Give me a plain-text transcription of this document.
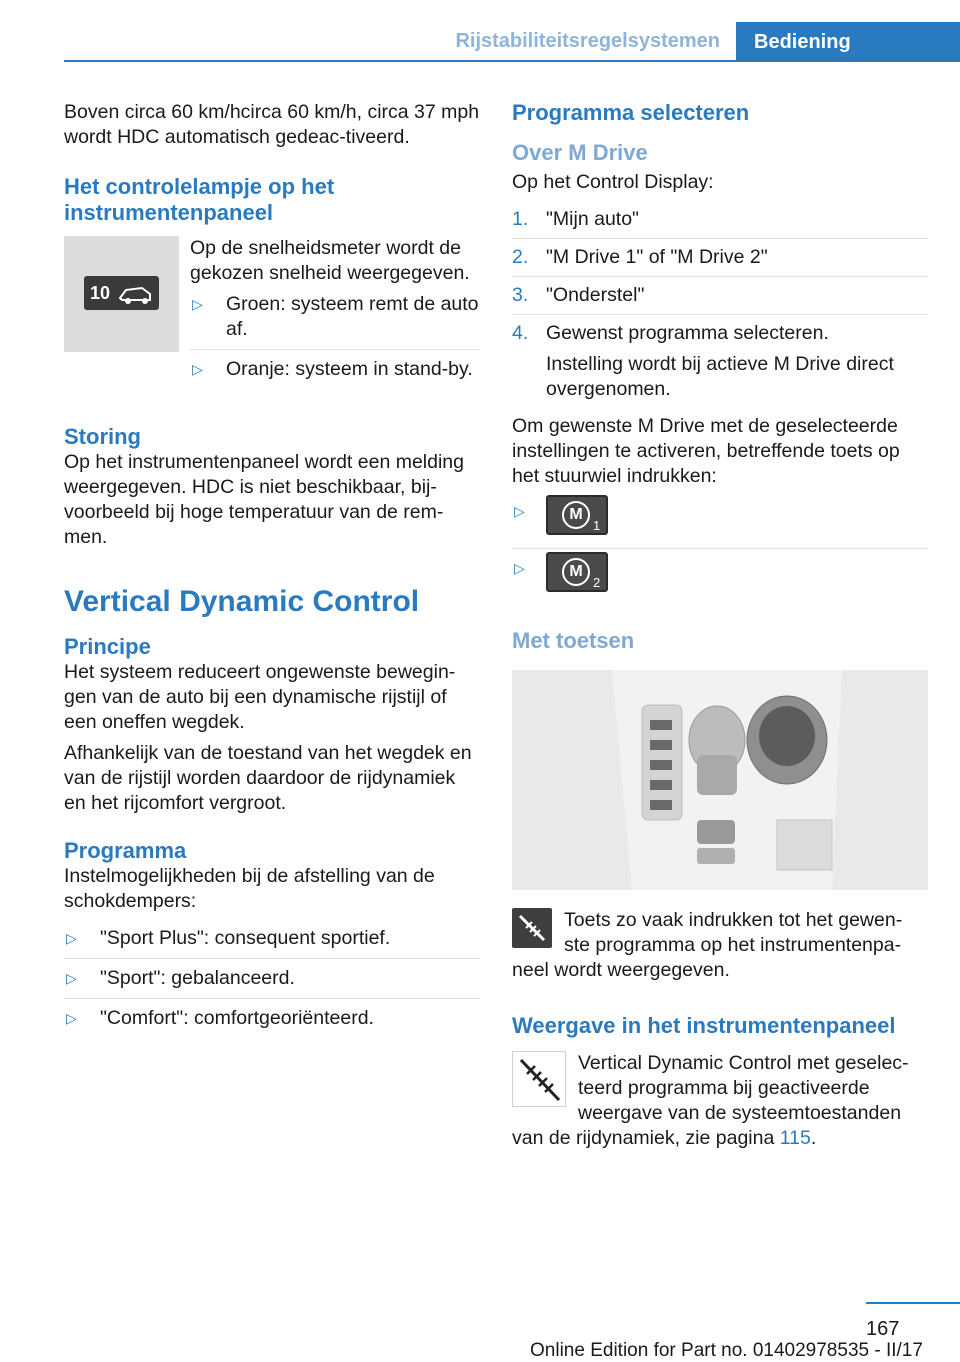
Rijstabiliteitsregelsystemen	Bediening

Boven circa 60 km/hcirca 60 km/h, circa 37 mph wordt HDC automatisch gedeac-tiveerd.

Het controlelampje op het instrumentenpaneel
10

Op de snelheidsmeter wordt de gekozen snelheid weergegeven.

▷ Groen: systeem remt de auto af.
▷ Oranje: systeem in stand-by.
Storing

Op het instrumentenpaneel wordt een melding weergegeven. HDC is niet beschikbaar, bij-voorbeeld bij hoge temperatuur van de rem-men.

Vertical Dynamic Control
Principe

Het systeem reduceert ongewenste bewegin-gen van de auto bij een dynamische rijstijl of een oneffen wegdek.

Afhankelijk van de toestand van het wegdek en van de rijstijl worden daardoor de rijdynamiek en het rijcomfort vergroot.

Programma

Instelmogelijkheden bij de afstelling van de schokdempers:

▷ "Sport Plus": consequent sportief.
▷ "Sport": gebalanceerd.
▷ "Comfort": comfortgeoriënteerd.
Programma selecteren
Over M Drive

Op het Control Display:

1. "Mijn auto"
2. "M Drive 1" of "M Drive 2"
3. "Onderstel"
4. Gewenst programma selecteren.
Instelling wordt bij actieve M Drive direct overgenomen.

Om gewenste M Drive met de geselecteerde instellingen te activeren, betreffende toets op het stuurwiel indrukken:

▷	M
1
▷	M
2
Met toetsen

Toets zo vaak indrukken tot het gewen-ste programma op het instrumentenpa-neel wordt weergegeven.

Weergave in het instrumentenpaneel

Vertical Dynamic Control met geselec-teerd programma bij geactiveerde weergave van de systeemtoestanden van de rijdynamiek, zie pagina 115.

167
Online Edition for Part no. 01402978535 - II/17
